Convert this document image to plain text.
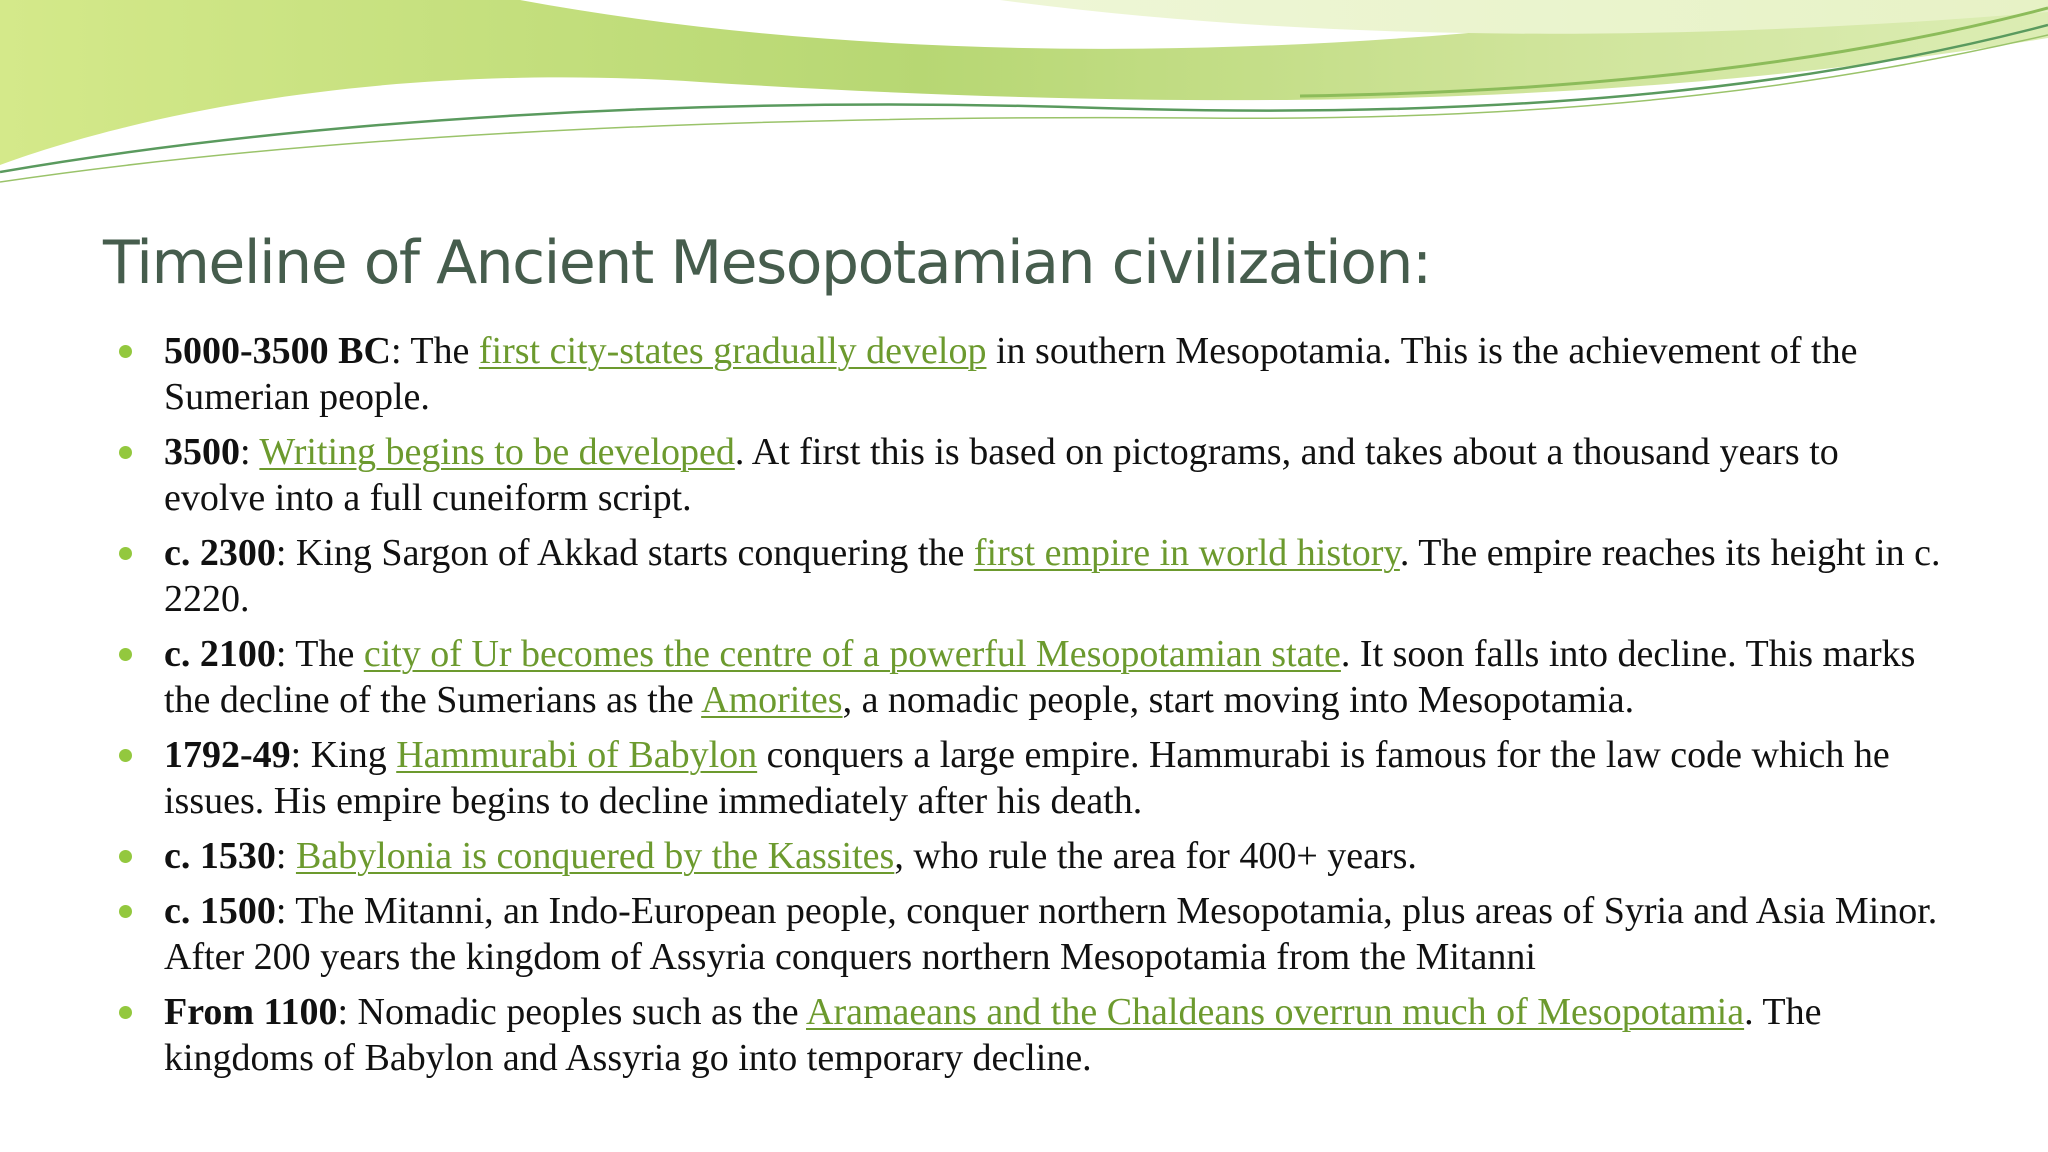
Timeline of Ancient Mesopotamian civilization:
5000-3500 BC: The first city-states gradually develop in southern Mesopotamia. This is the achievement of the Sumerian people.
3500: Writing begins to be developed. At first this is based on pictograms, and takes about a thousand years to evolve into a full cuneiform script.
c. 2300: King Sargon of Akkad starts conquering the first empire in world history. The empire reaches its height in c. 2220.
c. 2100: The city of Ur becomes the centre of a powerful Mesopotamian state. It soon falls into decline. This marks the decline of the Sumerians as the Amorites, a nomadic people, start moving into Mesopotamia.
1792-49: King Hammurabi of Babylon conquers a large empire. Hammurabi is famous for the law code which he issues. His empire begins to decline immediately after his death.
c. 1530: Babylonia is conquered by the Kassites, who rule the area for 400+ years.
c. 1500: The Mitanni, an Indo-European people, conquer northern Mesopotamia, plus areas of Syria and Asia Minor. After 200 years the kingdom of Assyria conquers northern Mesopotamia from the Mitanni
From 1100: Nomadic peoples such as the Aramaeans and the Chaldeans overrun much of Mesopotamia. The kingdoms of Babylon and Assyria go into temporary decline.
